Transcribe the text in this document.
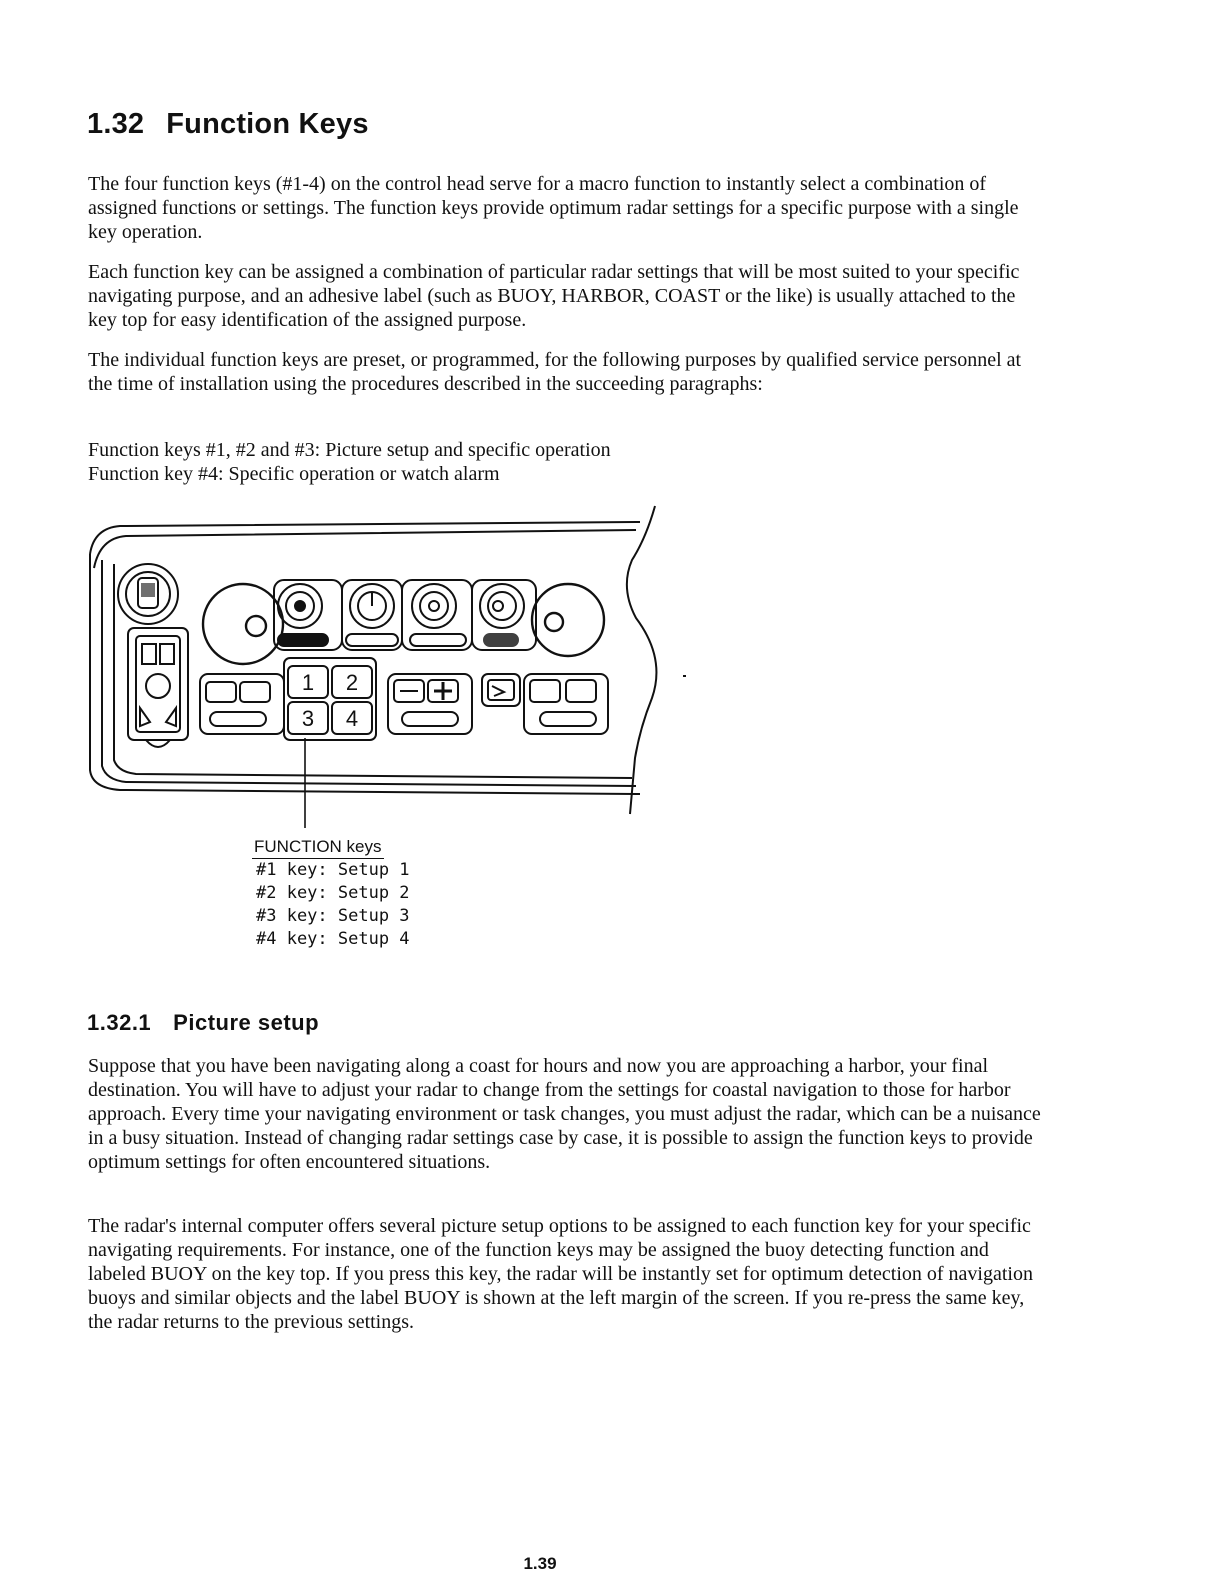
1.32 Function Keys

The four function keys (#1-4) on the control head serve for a macro function to instantly select a combination of assigned functions or settings. The function keys provide optimum radar settings for a specific purpose with a single key operation.

Each function key can be assigned a combination of particular radar settings that will be most suited to your specific navigating purpose, and an adhesive label (such as BUOY, HARBOR, COAST or the like) is usually attached to the key top for easy identification of the assigned purpose.

The individual function keys are preset, or programmed, for the following purposes by qualified service personnel at the time of installation using the procedures described in the succeeding paragraphs:

Function keys #1, #2 and #3: Picture setup and specific operation
Function key #4: Specific operation or watch alarm

1 2
3 4
FUNCTION keys
#1 key: Setup 1
#2 key: Setup 2
#3 key: Setup 3
#4 key: Setup 4
1.32.1 Picture setup

Suppose that you have been navigating along a coast for hours and now you are approaching a harbor, your final destination. You will have to adjust your radar to change from the settings for coastal navigation to those for harbor approach. Every time your navigating environment or task changes, you must adjust the radar, which can be a nuisance in a busy situation. Instead of changing radar settings case by case, it is possible to assign the function keys to provide optimum settings for often encountered situations.

The radar's internal computer offers several picture setup options to be assigned to each function key for your specific navigating requirements. For instance, one of the function keys may be assigned the buoy detecting function and labeled BUOY on the key top. If you press this key, the radar will be instantly set for optimum detection of navigation buoys and similar objects and the label BUOY is shown at the left margin of the screen. If you re-press the same key, the radar returns to the previous settings.

1.39
